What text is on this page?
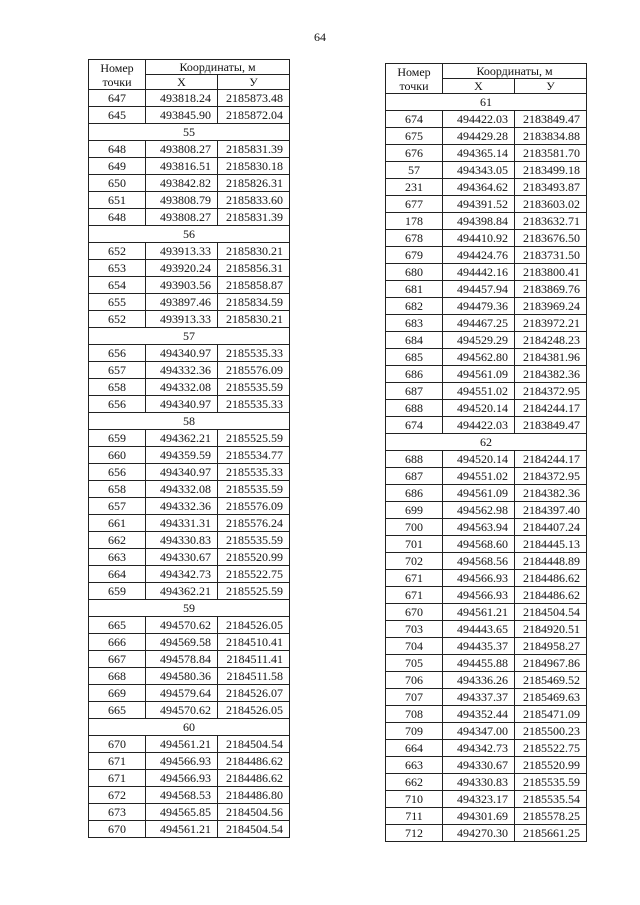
64
Номер
точки	Координаты, м	
	Х	У
647	493818.24	2185873.48
645	493845.90	2185872.04
55		
648	493808.27	2185831.39
649	493816.51	2185830.18
650	493842.82	2185826.31
651	493808.79	2185833.60
648	493808.27	2185831.39
56		
652	493913.33	2185830.21
653	493920.24	2185856.31
654	493903.56	2185858.87
655	493897.46	2185834.59
652	493913.33	2185830.21
57		
656	494340.97	2185535.33
657	494332.36	2185576.09
658	494332.08	2185535.59
656	494340.97	2185535.33
58		
659	494362.21	2185525.59
660	494359.59	2185534.77
656	494340.97	2185535.33
658	494332.08	2185535.59
657	494332.36	2185576.09
661	494331.31	2185576.24
662	494330.83	2185535.59
663	494330.67	2185520.99
664	494342.73	2185522.75
659	494362.21	2185525.59
59		
665	494570.62	2184526.05
666	494569.58	2184510.41
667	494578.84	2184511.41
668	494580.36	2184511.58
669	494579.64	2184526.07
665	494570.62	2184526.05
60		
670	494561.21	2184504.54
671	494566.93	2184486.62
671	494566.93	2184486.62
672	494568.53	2184486.80
673	494565.85	2184504.56
670	494561.21	2184504.54
Номер
точки	Координаты, м	
	Х	У
61		
674	494422.03	2183849.47
675	494429.28	2183834.88
676	494365.14	2183581.70
57	494343.05	2183499.18
231	494364.62	2183493.87
677	494391.52	2183603.02
178	494398.84	2183632.71
678	494410.92	2183676.50
679	494424.76	2183731.50
680	494442.16	2183800.41
681	494457.94	2183869.76
682	494479.36	2183969.24
683	494467.25	2183972.21
684	494529.29	2184248.23
685	494562.80	2184381.96
686	494561.09	2184382.36
687	494551.02	2184372.95
688	494520.14	2184244.17
674	494422.03	2183849.47
62		
688	494520.14	2184244.17
687	494551.02	2184372.95
686	494561.09	2184382.36
699	494562.98	2184397.40
700	494563.94	2184407.24
701	494568.60	2184445.13
702	494568.56	2184448.89
671	494566.93	2184486.62
671	494566.93	2184486.62
670	494561.21	2184504.54
703	494443.65	2184920.51
704	494435.37	2184958.27
705	494455.88	2184967.86
706	494336.26	2185469.52
707	494337.37	2185469.63
708	494352.44	2185471.09
709	494347.00	2185500.23
664	494342.73	2185522.75
663	494330.67	2185520.99
662	494330.83	2185535.59
710	494323.17	2185535.54
711	494301.69	2185578.25
712	494270.30	2185661.25
